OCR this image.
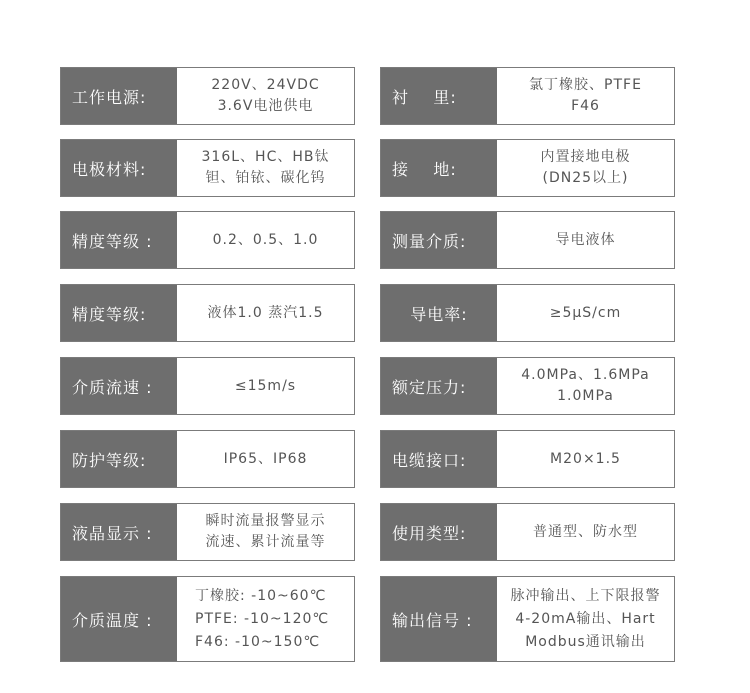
工作电源:
220V、24VDC
3.6V电池供电
电极材料:
316L、HC、HB钛
钽、铂铱、碳化钨
精度等级 :	0.2、0.5、1.0
精度等级:	液体1.0 蒸汽1.5
介质流速 :	≤15m/s
防护等级:	IP65、IP68
液晶显示 :
瞬时流量报警显示
流速、累计流量等
介质温度 :
丁橡胶: -10~60℃
PTFE: -10~120℃
F46: -10~150℃
衬    里:
氯丁橡胶、PTFE
F46
接    地:
内置接地电极
(DN25以上)
测量介质:	导电液体
导电率:	≥5μS/cm
额定压力:
4.0MPa、1.6MPa
1.0MPa
电缆接口:	M20×1.5
使用类型:	普通型、防水型
输出信号 :
脉冲输出、上下限报警
4-20mA输出、Hart
Modbus通讯输出
